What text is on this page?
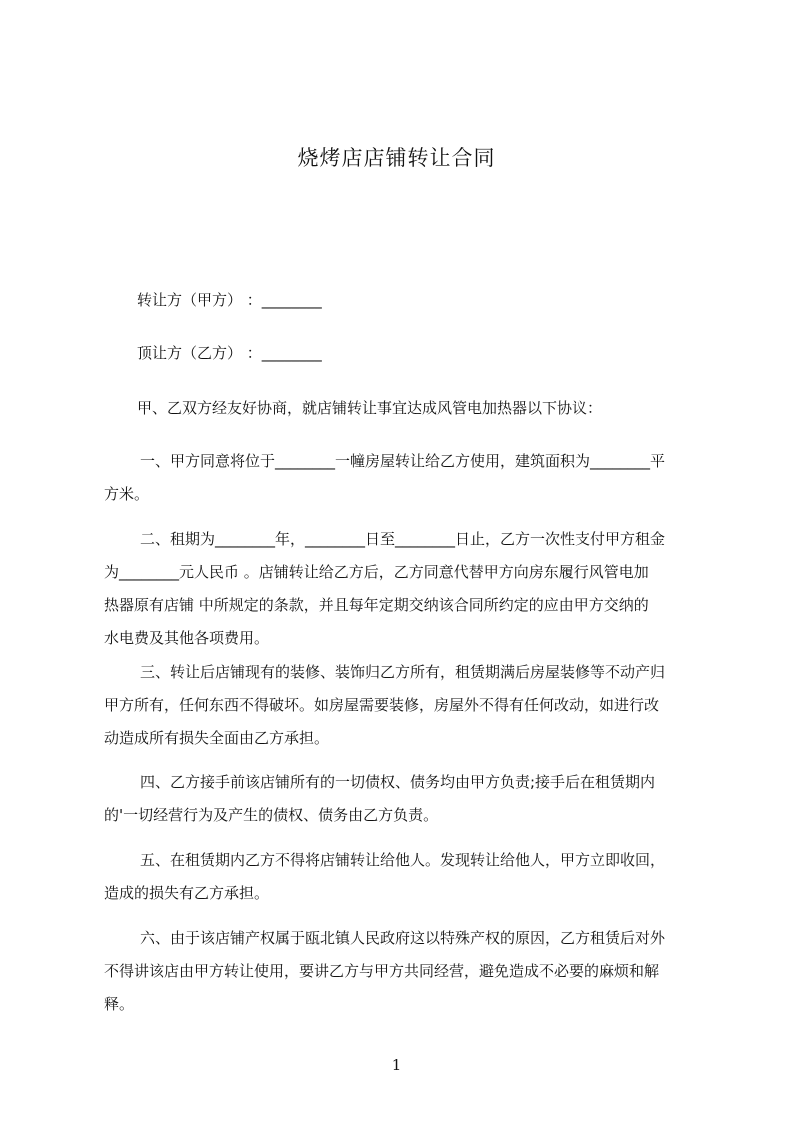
烧烤店店铺转让合同
转让方（甲方） ：________
顶让方（乙方） ：________
甲、乙双方经友好协商，就店铺转让事宜达成风管电加热器以下协议：
一、甲方同意将位于________一幢房屋转让给乙方使用，建筑面积为________平
方米。
二、租期为________年，________日至________日止，乙方一次性支付甲方租金
为________元人民币 。店铺转让给乙方后，乙方同意代替甲方向房东履行风管电加
热器原有店铺 中所规定的条款，并且每年定期交纳该合同所约定的应由甲方交纳的
水电费及其他各项费用。
三、转让后店铺现有的装修、装饰归乙方所有，租赁期满后房屋装修等不动产归
甲方所有，任何东西不得破坏。如房屋需要装修，房屋外不得有任何改动，如进行改
动造成所有损失全面由乙方承担。
四、乙方接手前该店铺所有的一切债权、债务均由甲方负责;接手后在租赁期内
的'一切经营行为及产生的债权、债务由乙方负责。
五、在租赁期内乙方不得将店铺转让给他人。发现转让给他人，甲方立即收回，
造成的损失有乙方承担。
六、由于该店铺产权属于瓯北镇人民政府这以特殊产权的原因，乙方租赁后对外
不得讲该店由甲方转让使用，要讲乙方与甲方共同经营，避免造成不必要的麻烦和解
释。
1
